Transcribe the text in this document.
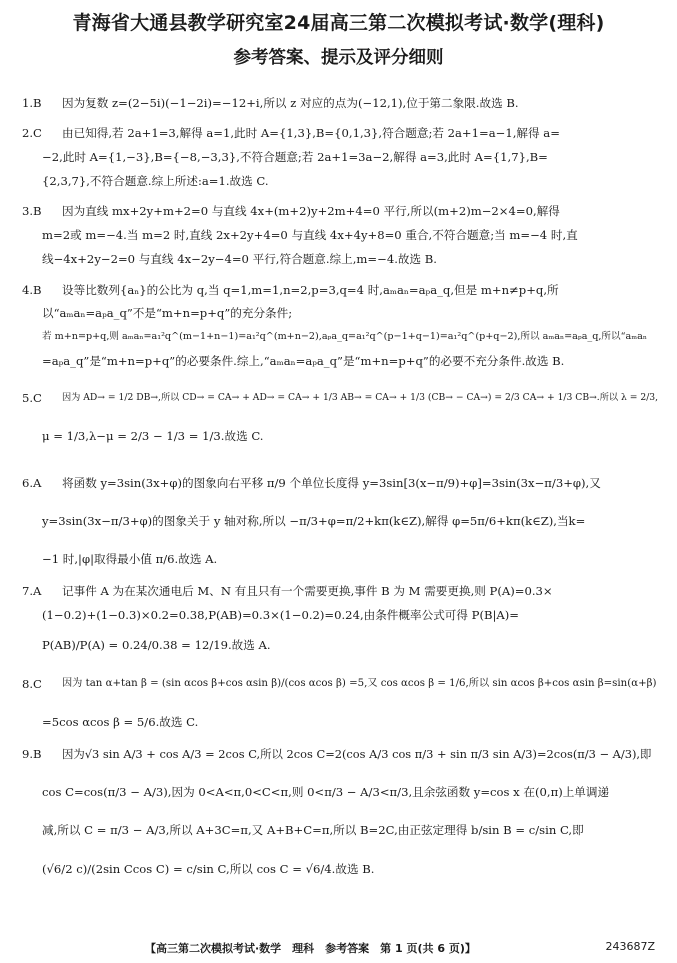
青海省大通县教学研究室24届高三第二次模拟考试·数学(理科)
参考答案、提示及评分细则
1.B 因为复数 z=(2−5i)(−1−2i)=−12+i,所以 z 对应的点为(−12,1),位于第二象限.故选 B.
2.C 由已知得,若 2a+1=3,解得 a=1,此时 A={1,3},B={0,1,3},符合题意;若 2a+1=a−1,解得 a=
−2,此时 A={1,−3},B={−8,−3,3},不符合题意;若 2a+1=3a−2,解得 a=3,此时 A={1,7},B=
{2,3,7},不符合题意.综上所述:a=1.故选 C.
3.B 因为直线 mx+2y+m+2=0 与直线 4x+(m+2)y+2m+4=0 平行,所以(m+2)m−2×4=0,解得
m=2或 m=−4.当 m=2 时,直线 2x+2y+4=0 与直线 4x+4y+8=0 重合,不符合题意;当 m=−4 时,直
线−4x+2y−2=0 与直线 4x−2y−4=0 平行,符合题意.综上,m=−4.故选 B.
4.B 设等比数列{aₙ}的公比为 q,当 q=1,m=1,n=2,p=3,q=4 时,aₘaₙ=aₚa_q,但是 m+n≠p+q,所
以“aₘaₙ=aₚa_q”不是“m+n=p+q”的充分条件;
若 m+n=p+q,则 aₘaₙ=a₁²q^(m−1+n−1)=a₁²q^(m+n−2),aₚa_q=a₁²q^(p−1+q−1)=a₁²q^(p+q−2),所以 aₘaₙ=aₚa_q,所以“aₘaₙ
=aₚa_q”是“m+n=p+q”的必要条件.综上,“aₘaₙ=aₚa_q”是“m+n=p+q”的必要不充分条件.故选 B.
5.C 因为 AD→ = 1/2 DB→,所以 CD→ = CA→ + AD→ = CA→ + 1/3 AB→ = CA→ + 1/3 (CB→ − CA→) = 2/3 CA→ + 1/3 CB→.所以 λ = 2/3,
μ = 1/3,λ−μ = 2/3 − 1/3 = 1/3.故选 C.
6.A 将函数 y=3sin(3x+φ)的图象向右平移 π/9 个单位长度得 y=3sin[3(x−π/9)+φ]=3sin(3x−π/3+φ),又
y=3sin(3x−π/3+φ)的图象关于 y 轴对称,所以 −π/3+φ=π/2+kπ(k∈Z),解得 φ=5π/6+kπ(k∈Z),当k=
−1 时,|φ|取得最小值 π/6.故选 A.
7.A 记事件 A 为在某次通电后 M、N 有且只有一个需要更换,事件 B 为 M 需要更换,则 P(A)=0.3×
(1−0.2)+(1−0.3)×0.2=0.38,P(AB)=0.3×(1−0.2)=0.24,由条件概率公式可得 P(B|A)=
P(AB)/P(A) = 0.24/0.38 = 12/19.故选 A.
8.C 因为 tan α+tan β = (sin αcos β+cos αsin β)/(cos αcos β) =5,又 cos αcos β = 1/6,所以 sin αcos β+cos αsin β=sin(α+β)
=5cos αcos β = 5/6.故选 C.
9.B 因为√3 sin A/3 + cos A/3 = 2cos C,所以 2cos C=2(cos A/3 cos π/3 + sin π/3 sin A/3)=2cos(π/3 − A/3),即
cos C=cos(π/3 − A/3),因为 0<A<π,0<C<π,则 0<π/3 − A/3<π/3,且余弦函数 y=cos x 在(0,π)上单调递
减,所以 C = π/3 − A/3,所以 A+3C=π,又 A+B+C=π,所以 B=2C,由正弦定理得 b/sin B = c/sin C,即
(√6/2 c)/(2sin Ccos C) = c/sin C,所以 cos C = √6/4.故选 B.
【高三第二次模拟考试·数学　理科　参考答案　第 1 页(共 6 页)】	243687Z
